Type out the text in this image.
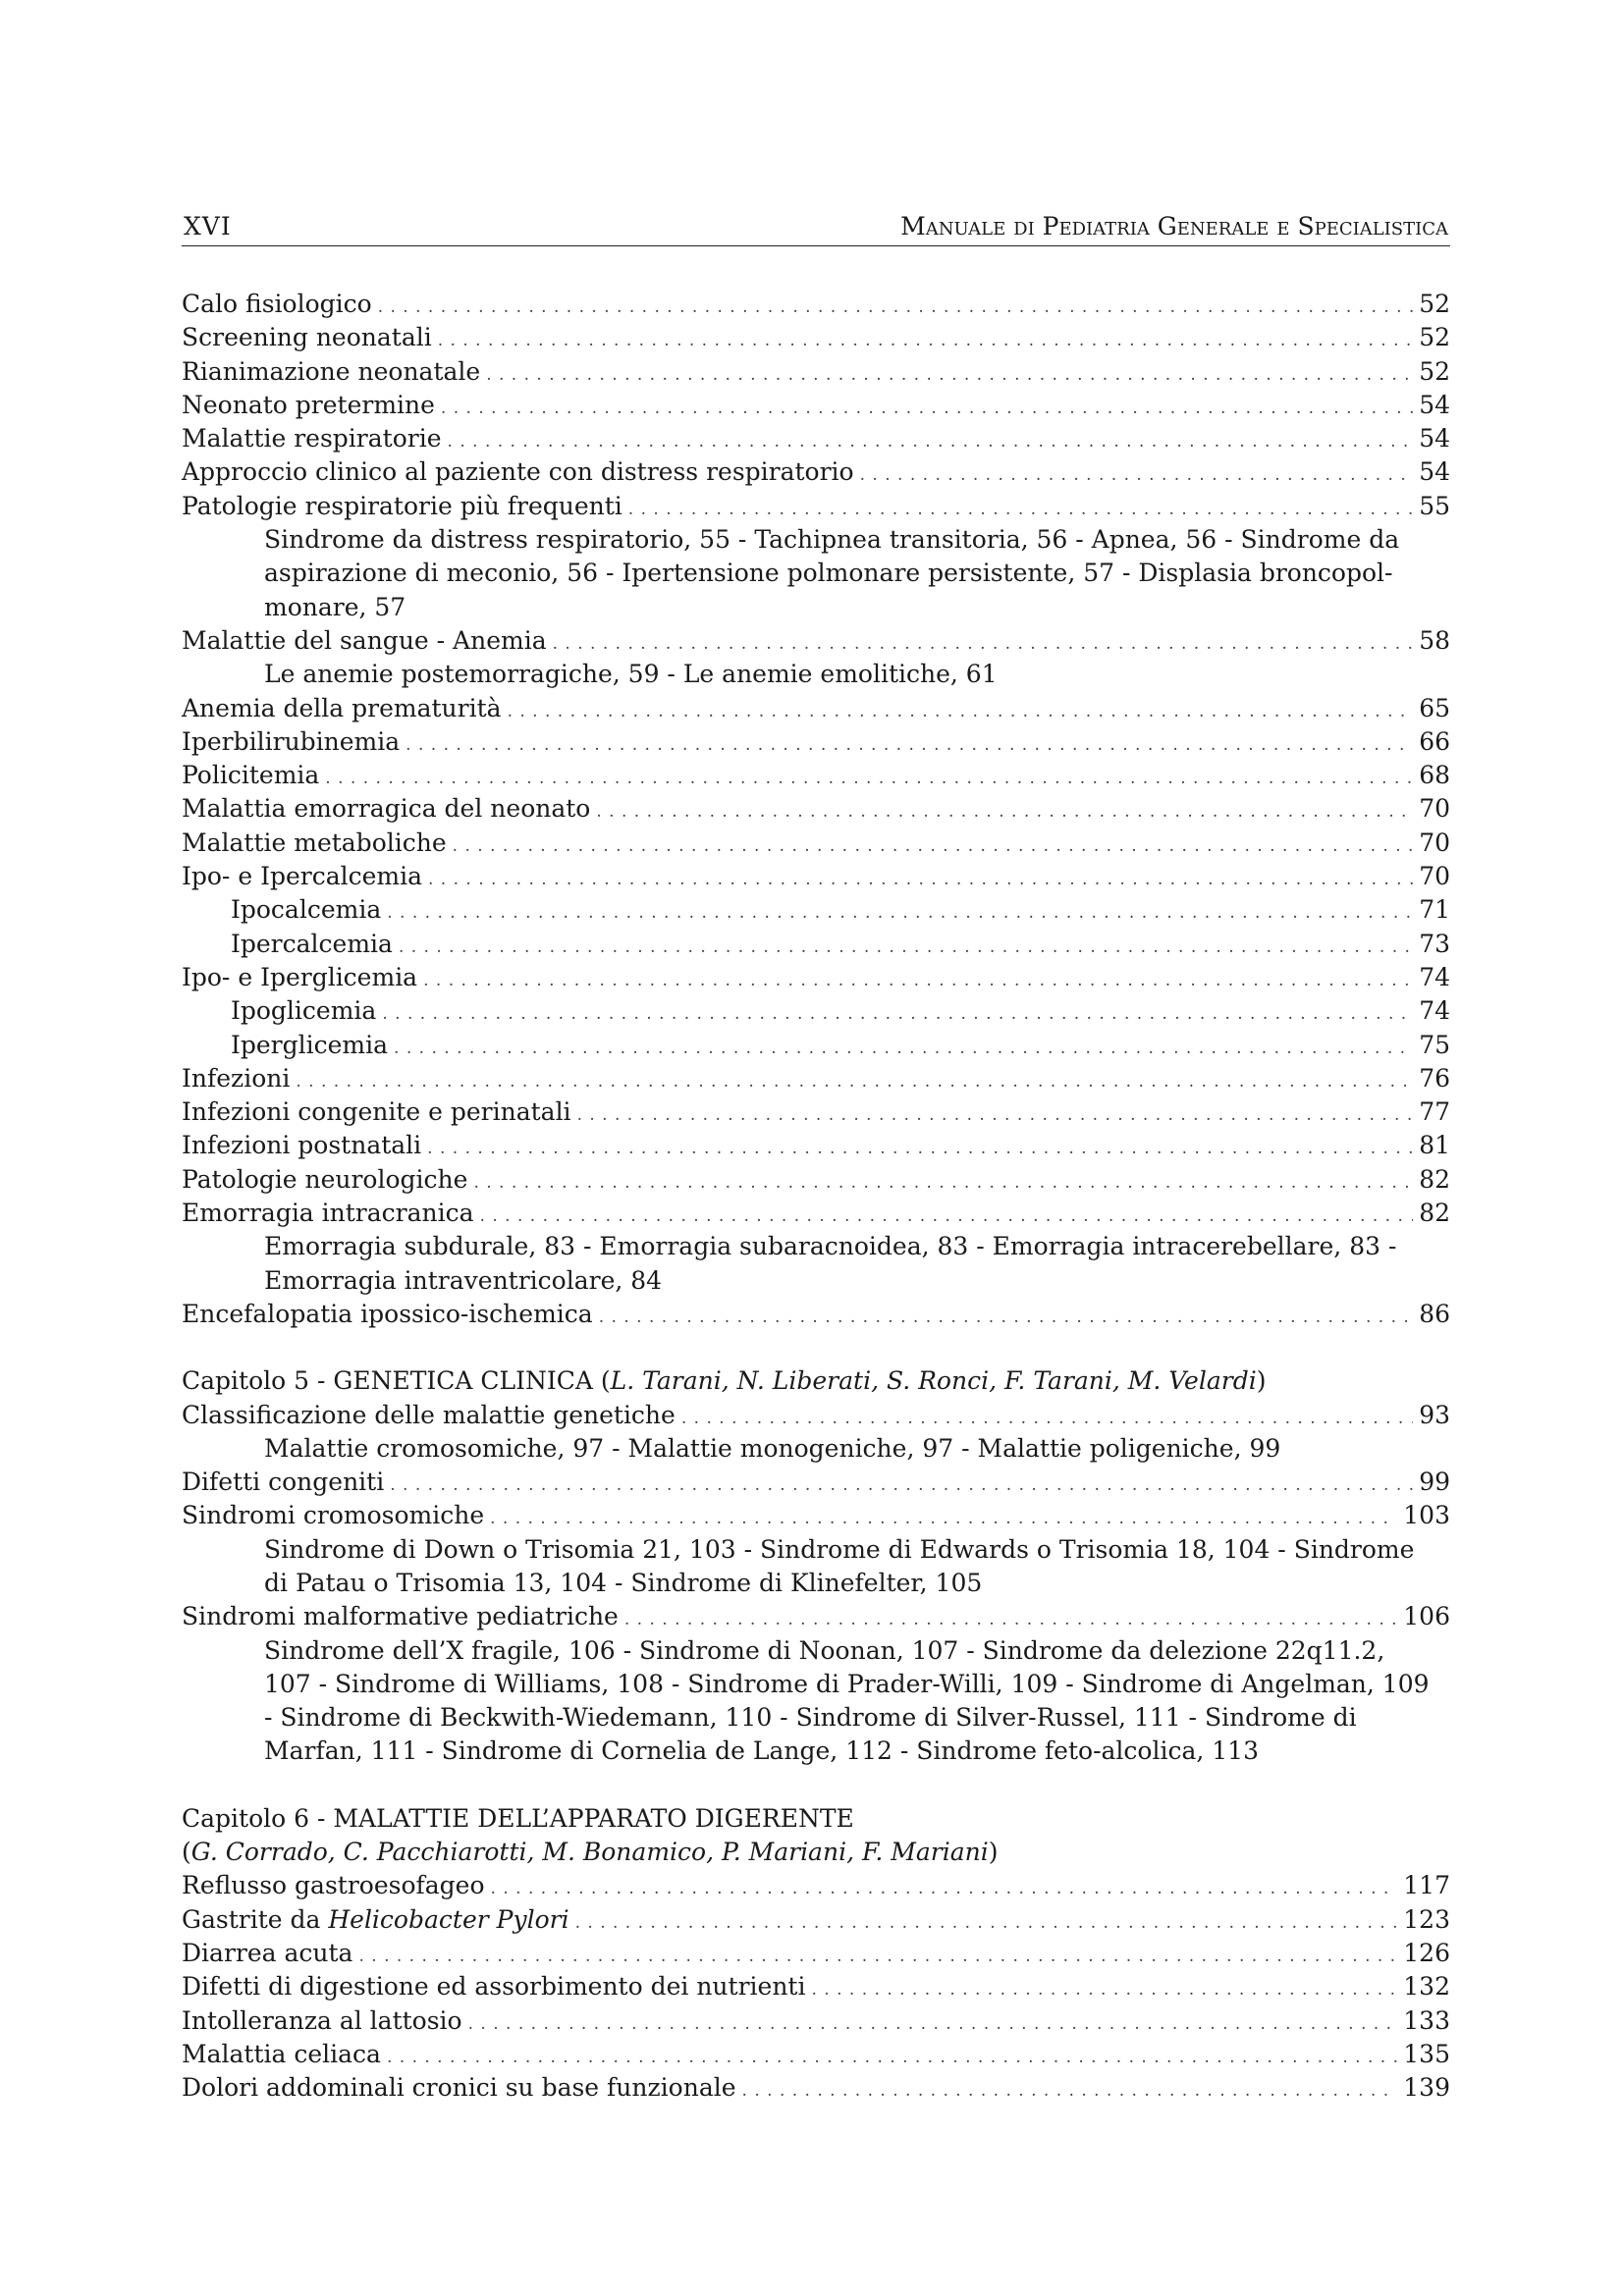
XVI	Manuale di Pediatria Generale e Specialistica
Calo fisiologico . . .	52
Screening neonatali . . .	52
Rianimazione neonatale . . .	52
Neonato pretermine . . .	54
Malattie respiratorie . . .	54
Approccio clinico al paziente con distress respiratorio . . .	54
Patologie respiratorie più frequenti . . .	55
Sindrome da distress respiratorio, 55 - Tachipnea transitoria, 56 - Apnea, 56 - Sindrome da
aspirazione di meconio, 56 - Ipertensione polmonare persistente, 57 - Displasia broncopol-
monare, 57
Malattie del sangue - Anemia . . .	58
Le anemie postemorragiche, 59 - Le anemie emolitiche, 61
Anemia della prematurità . . .	65
Iperbilirubinemia . . .	66
Policitemia . . .	68
Malattia emorragica del neonato . . .	70
Malattie metaboliche . . .	70
Ipo- e Ipercalcemia . . .	70
Ipocalcemia . . .	71
Ipercalcemia . . .	73
Ipo- e Iperglicemia . . .	74
Ipoglicemia . . .	74
Iperglicemia . . .	75
Infezioni . . .	76
Infezioni congenite e perinatali . . .	77
Infezioni postnatali . . .	81
Patologie neurologiche . . .	82
Emorragia intracranica . . .	82
Emorragia subdurale, 83 - Emorragia subaracnoidea, 83 - Emorragia intracerebellare, 83 -
Emorragia intraventricolare, 84
Encefalopatia ipossico-ischemica . . .	86
Capitolo 5 - GENETICA CLINICA (L. Tarani, N. Liberati, S. Ronci, F. Tarani, M. Velardi)
Classificazione delle malattie genetiche . . .	93
Malattie cromosomiche, 97 - Malattie monogeniche, 97 - Malattie poligeniche, 99
Difetti congeniti . . .	99
Sindromi cromosomiche . . .	103
Sindrome di Down o Trisomia 21, 103 - Sindrome di Edwards o Trisomia 18, 104 - Sindrome
di Patau o Trisomia 13, 104 - Sindrome di Klinefelter, 105
Sindromi malformative pediatriche . . .	106
Sindrome dell’X fragile, 106 - Sindrome di Noonan, 107 - Sindrome da delezione 22q11.2,
107 - Sindrome di Williams, 108 - Sindrome di Prader-Willi, 109 - Sindrome di Angelman, 109
- Sindrome di Beckwith-Wiedemann, 110 - Sindrome di Silver-Russel, 111 - Sindrome di
Marfan, 111 - Sindrome di Cornelia de Lange, 112 - Sindrome feto-alcolica, 113
Capitolo 6 - MALATTIE DELL’APPARATO DIGERENTE
(G. Corrado, C. Pacchiarotti, M. Bonamico, P. Mariani, F. Mariani)
Reflusso gastroesofageo . . .	117
Gastrite da Helicobacter Pylori . . .	123
Diarrea acuta . . .	126
Difetti di digestione ed assorbimento dei nutrienti . . .	132
Intolleranza al lattosio . . .	133
Malattia celiaca . . .	135
Dolori addominali cronici su base funzionale . . .	139
